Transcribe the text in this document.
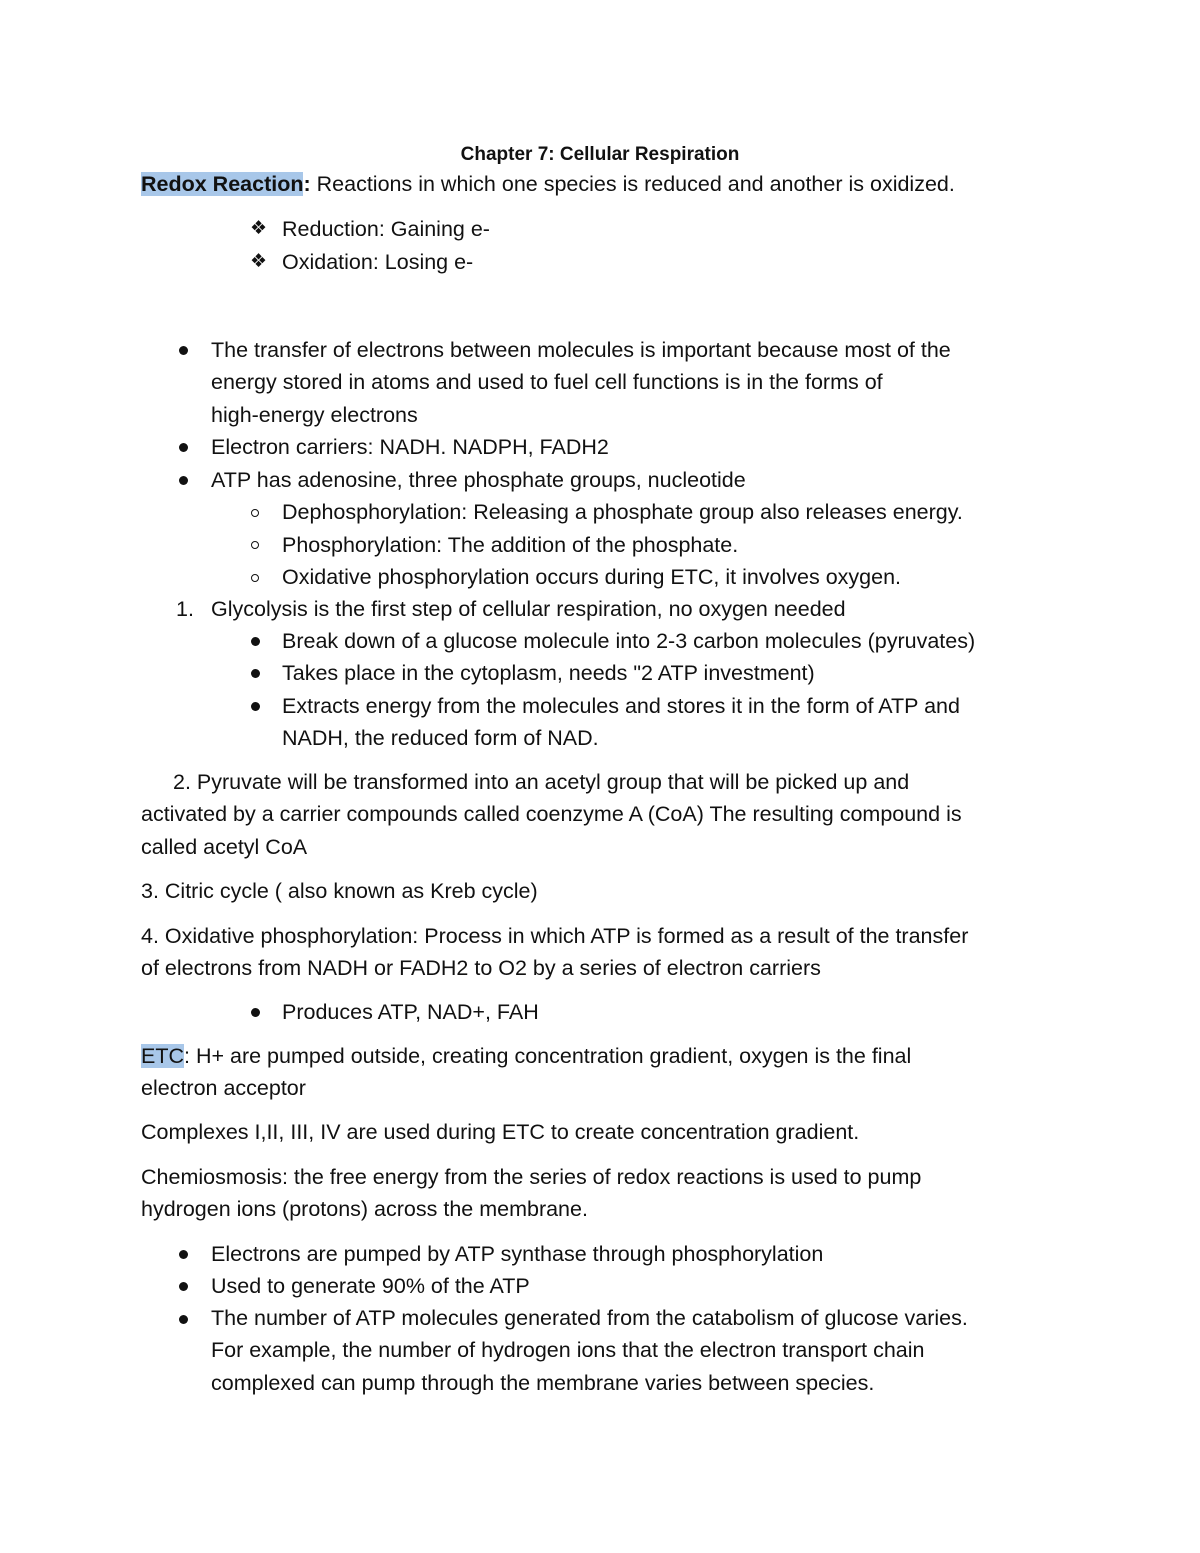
Chapter 7: Cellular Respiration
Redox Reaction: Reactions in which one species is reduced and another is oxidized.
❖ Reduction: Gaining e-
❖ Oxidation: Losing e-
The transfer of electrons between molecules is important because most of the
energy stored in atoms and used to fuel cell functions is in the forms of
high-energy electrons
Electron carriers: NADH. NADPH, FADH2
ATP has adenosine, three phosphate groups, nucleotide
Dephosphorylation: Releasing a phosphate group also releases energy.
Phosphorylation: The addition of the phosphate.
Oxidative phosphorylation occurs during ETC, it involves oxygen.
1. Glycolysis is the first step of cellular respiration, no oxygen needed
Break down of a glucose molecule into 2-3 carbon molecules (pyruvates)
Takes place in the cytoplasm, needs "2 ATP investment)
Extracts energy from the molecules and stores it in the form of ATP and
NADH, the reduced form of NAD.
2. Pyruvate will be transformed into an acetyl group that will be picked up and
activated by a carrier compounds called coenzyme A (CoA) The resulting compound is
called acetyl CoA
3. Citric cycle ( also known as Kreb cycle)
4. Oxidative phosphorylation: Process in which ATP is formed as a result of the transfer
of electrons from NADH or FADH2 to O2 by a series of electron carriers
Produces ATP, NAD+, FAH
ETC: H+ are pumped outside, creating concentration gradient, oxygen is the final
electron acceptor
Complexes I,II, III, IV are used during ETC to create concentration gradient.
Chemiosmosis: the free energy from the series of redox reactions is used to pump
hydrogen ions (protons) across the membrane.
Electrons are pumped by ATP synthase through phosphorylation
Used to generate 90% of the ATP
The number of ATP molecules generated from the catabolism of glucose varies.
For example, the number of hydrogen ions that the electron transport chain
complexed can pump through the membrane varies between species.
